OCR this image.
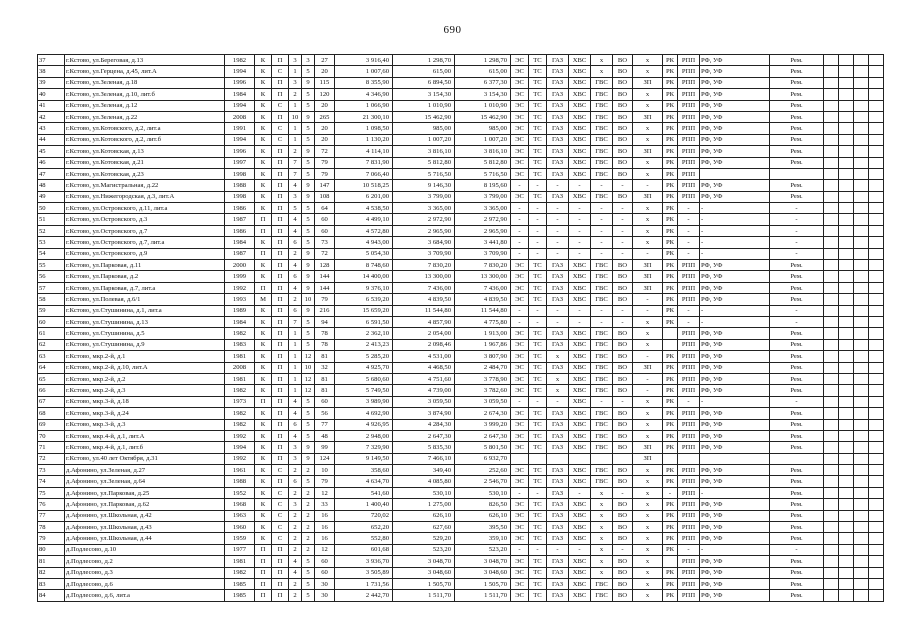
690
37	г.Кстово, ул.Береговая, д.13	1982	К	П	3	3	27	3 916,40	1 298,70	1 298,70	ЭС	ТС	ГАЗ	ХВС	х	ВО	х	РК	РПП	РФ, УФ	Рем.				
38	г.Кстово, ул.Герцена, д.45, лит.А	1994	К	С	1	5	20	1 007,60	615,00	615,00	ЭС	ТС	ГАЗ	ХВС	х	ВО	х	РК	РПП	РФ, УФ	Рем.				
39	г.Кстово, ул.Зеленая, д.18	1996	К	П	3	9	115	8 355,90	6 894,50	6 377,30	ЭС	ТС	ГАЗ	ХВС	ГВС	ВО	ЗП	РК	РПП	РФ, УФ	Рем.				
40	г.Кстово, ул.Зеленая, д.10, лит.б	1984	К	П	2	5	120	4 346,90	3 154,30	3 154,30	ЭС	ТС	ГАЗ	ХВС	ГВС	ВО	х	РК	РПП	РФ, УФ	Рем.				
41	г.Кстово, ул.Зеленая, д.12	1994	К	С	1	5	20	1 066,90	1 010,90	1 010,90	ЭС	ТС	ГАЗ	ХВС	ГВС	ВО	х	РК	РПП	РФ, УФ	Рем.				
42	г.Кстово, ул.Зеленая, д.22	2008	К	П	10	9	265	21 300,10	15 462,90	15 462,90	ЭС	ТС	ГАЗ	ХВС	ГВС	ВО	ЗП	РК	РПП	РФ, УФ	Рем.				
43	г.Кстово, ул.Котовского, д.2, лит.а	1991	К	С	1	5	20	1 098,50	985,00	985,00	ЭС	ТС	ГАЗ	ХВС	ГВС	ВО	х	РК	РПП	РФ, УФ	Рем.				
44	г.Кстово, ул.Котовского, д.2, лит.б	1994	К	С	1	5	20	1 130,20	1 007,20	1 007,20	ЭС	ТС	ГАЗ	ХВС	ГВС	ВО	х	РК	РПП	РФ, УФ	Рем.				
45	г.Кстово, ул.Котовская, д.13	1996	К	П	2	9	72	4 114,10	3 816,10	3 816,10	ЭС	ТС	ГАЗ	ХВС	ГВС	ВО	ЗП	РК	РПП	РФ, УФ	Рем.				
46	г.Кстово, ул.Котовская, д.21	1997	К	П	7	5	79	7 831,90	5 812,80	5 812,80	ЭС	ТС	ГАЗ	ХВС	ГВС	ВО	х	РК	РПП	РФ, УФ	Рем.				
47	г.Кстово, ул.Котовская, д.23	1998	К	П	7	5	79	7 066,40	5 716,50	5 716,50	ЭС	ТС	ГАЗ	ХВС	ГВС	ВО	х	РК	РПП						
48	г.Кстово, ул.Магистральная, д.22	1988	К	П	4	9	147	10 518,25	9 146,30	8 195,60	-	-	-	-	-	-	-	РК	РПП	РФ, УФ	Рем.				
49	г.Кстово, ул.Нижегородская, д.3, лит.А	1998	К	П	3	9	108	6 201,00	3 799,00	3 799,00	ЭС	ТС	ГАЗ	ХВС	ГВС	ВО	ЗП	РК	РПП	РФ, УФ	Рем.				
50	г.Кстово, ул.Островского, д.11, лит.а	1986	К	П	5	5	64	4 538,50	3 365,00	3 365,00	-	-	-	-	-	-	х	РК	-	-	-				
51	г.Кстово, ул.Островского, д.3	1987	П	П	4	5	60	4 499,10	2 972,90	2 972,90	-	-	-	-	-	-	х	РК	-	-	-				
52	г.Кстово, ул.Островского, д.7	1986	П	П	4	5	60	4 572,80	2 965,90	2 965,90	-	-	-	-	-	-	х	РК	-	-	-				
53	г.Кстово, ул.Островского, д.7, лит.а	1984	К	П	6	5	73	4 943,00	3 684,90	3 441,80	-	-	-	-	-	-	х	РК	-	-	-				
54	г.Кстово, ул.Островского, д.9	1987	П	П	2	9	72	5 054,30	3 709,90	3 709,90	-	-	-	-	-	-	-	РК	-	-	-				
55	г.Кстово, ул.Парковая, д.11	2000	К	П	4	9	128	8 748,60	7 830,20	7 830,20	ЭС	ТС	ГАЗ	ХВС	ГВС	ВО	ЗП	РК	РПП	РФ, УФ	Рем.				
56	г.Кстово, ул.Парковая, д.2	1999	К	П	6	9	144	14 400,00	13 300,00	13 300,00	ЭС	ТС	ГАЗ	ХВС	ГВС	ВО	ЗП	РК	РПП	РФ, УФ	Рем.				
57	г.Кстово, ул.Парковая, д.7, лит.а	1992	П	П	4	9	144	9 376,10	7 436,00	7 436,00	ЭС	ТС	ГАЗ	ХВС	ГВС	ВО	ЗП	РК	РПП	РФ, УФ	Рем.				
58	г.Кстово, ул.Полевая, д.6/1	1993	М	П	2	10	79	6 539,20	4 839,50	4 839,50	ЭС	ТС	ГАЗ	ХВС	ГВС	ВО	-	РК	РПП	РФ, УФ	Рем.				
59	г.Кстово, ул.Стушинина, д.1, лит.а	1989	К	П	6	9	216	15 659,20	11 544,80	11 544,80	-	-	-	-	-	-	-	РК	-	-	-				
60	г.Кстово, ул.Стушинина, д.13	1984	К	П	7	5	94	6 591,50	4 857,90	4 775,80	-	-	-	-	-	-	х	РК	-	-	-				
61	г.Кстово, ул.Стушинина, д.5	1982	К	П	1	5	78	2 362,10	2 054,00	1 913,00	ЭС	ТС	ГАЗ	ХВС	ГВС	ВО	х		РПП	РФ, УФ	Рем.				
62	г.Кстово, ул.Стушинина, д.9	1983	К	П	1	5	78	2 413,23	2 098,46	1 967,86	ЭС	ТС	ГАЗ	ХВС	ГВС	ВО	х		РПП	РФ, УФ	Рем.				
63	г.Кстово, мкр.2-й, д.1	1981	К	П	1	12	81	5 285,20	4 531,00	3 807,90	ЭС	ТС	х	ХВС	ГВС	ВО	-	РК	РПП	РФ, УФ	Рем.				
64	г.Кстово, мкр.2-й, д.10, лит.А	2008	К	П	1	10	32	4 925,70	4 468,50	2 484,70	ЭС	ТС	ГАЗ	ХВС	ГВС	ВО	ЗП	РК	РПП	РФ, УФ	Рем.				
65	г.Кстово, мкр.2-й, д.2	1981	К	П	1	12	81	5 680,60	4 751,60	3 778,90	ЭС	ТС	х	ХВС	ГВС	ВО	-	РК	РПП	РФ, УФ	Рем.				
66	г.Кстово, мкр.2-й, д.3	1982	К	П	1	12	81	5 749,50	4 739,00	3 782,60	ЭС	ТС	х	ХВС	ГВС	ВО	-	РК	РПП	РФ, УФ	Рем.				
67	г.Кстово, мкр.3-й, д.18	1973	П	П	4	5	60	3 989,90	3 059,50	3 059,50	-	-	-	ХВС	-	-	х	РК	-	-	-				
68	г.Кстово, мкр.3-й, д.24	1982	К	П	4	5	56	4 692,90	3 874,90	2 674,30	ЭС	ТС	ГАЗ	ХВС	ГВС	ВО	х	РК	РПП	РФ, УФ	Рем.				
69	г.Кстово, мкр.3-й, д.3	1982	К	П	6	5	77	4 926,95	4 284,30	3 999,20	ЭС	ТС	ГАЗ	ХВС	ГВС	ВО	х	РК	РПП	РФ, УФ	Рем.				
70	г.Кстово, мкр.4-й, д.1, лит.А	1992	К	П	4	5	48	2 948,00	2 647,30	2 647,30	ЭС	ТС	ГАЗ	ХВС	ГВС	ВО	х	РК	РПП	РФ, УФ	Рем.				
71	г.Кстово, мкр.4-й, д.1, лит.б	1994	К	П	3	9	99	7 329,90	5 835,30	5 801,50	ЭС	ТС	ГАЗ	ХВС	ГВС	ВО	ЗП	РК	РПП	РФ, УФ	Рем.				
72	г.Кстово, ул.40 лет Октября, д.31	1992	К	П	3	9	124	9 149,50	7 466,10	6 932,70							ЗП								
73	д.Афонино, ул.Зеленая, д.27	1961	К	С	2	2	10	358,60	349,40	252,60	ЭС	ТС	ГАЗ	ХВС	ГВС	ВО	х	РК	РПП	РФ, УФ	Рем.				
74	д.Афонино, ул.Зеленая, д.64	1988	К	П	6	5	79	4 634,70	4 085,80	2 546,70	ЭС	ТС	ГАЗ	ХВС	ГВС	ВО	х	РК	РПП	РФ, УФ	Рем.				
75	д.Афонино, ул.Парковая, д.25	1952	К	С	2	2	12	541,60	530,10	530,10	-	-	ГАЗ	-	х	-	х	-	РПП	-	Рем.				
76	д.Афонино, ул.Парковая, д.62	1968	К	С	3	2	33	1 400,40	1 275,00	826,50	ЭС	ТС	ГАЗ	ХВС	х	ВО	х	РК	РПП	РФ, УФ	Рем.				
77	д.Афонино, ул.Школьная, д.42	1963	К	С	2	2	16	720,02	626,10	626,10	ЭС	ТС	ГАЗ	ХВС	х	ВО	х	РК	РПП	РФ, УФ	Рем.				
78	д.Афонино, ул.Школьная, д.43	1960	К	С	2	2	16	652,20	627,60	395,50	ЭС	ТС	ГАЗ	ХВС	х	ВО	х	РК	РПП	РФ, УФ	Рем.				
79	д.Афонино, ул.Школьная, д.44	1959	К	С	2	2	16	552,80	529,20	359,10	ЭС	ТС	ГАЗ	ХВС	х	ВО	х	РК	РПП	РФ, УФ	Рем.				
80	д.Подлесово, д.10	1977	П	П	2	2	12	601,68	523,20	523,20	-	-	-	-	х	-	х	РК	-	-	-				
81	д.Подлесово, д.2	1981	П	П	4	5	60	3 936,70	3 048,70	3 048,70	ЭС	ТС	ГАЗ	ХВС	х	ВО	х		РПП	РФ, УФ	Рем.				
82	д.Подлесово, д.3	1982	П	П	4	5	60	3 505,89	3 048,60	3 048,60	ЭС	ТС	ГАЗ	ХВС	х	ВО	х	РК	РПП	РФ, УФ	Рем.				
83	д.Подлесово, д.6	1985	П	П	2	5	30	1 731,56	1 505,70	1 505,70	ЭС	ТС	ГАЗ	ХВС	ГВС	ВО	х	РК	РПП	РФ, УФ	Рем.				
84	д.Подлесово, д.6, лит.а	1985	П	П	2	5	30	2 442,70	1 511,70	1 511,70	ЭС	ТС	ГАЗ	ХВС	ГВС	ВО	х	РК	РПП	РФ, УФ	Рем.				
